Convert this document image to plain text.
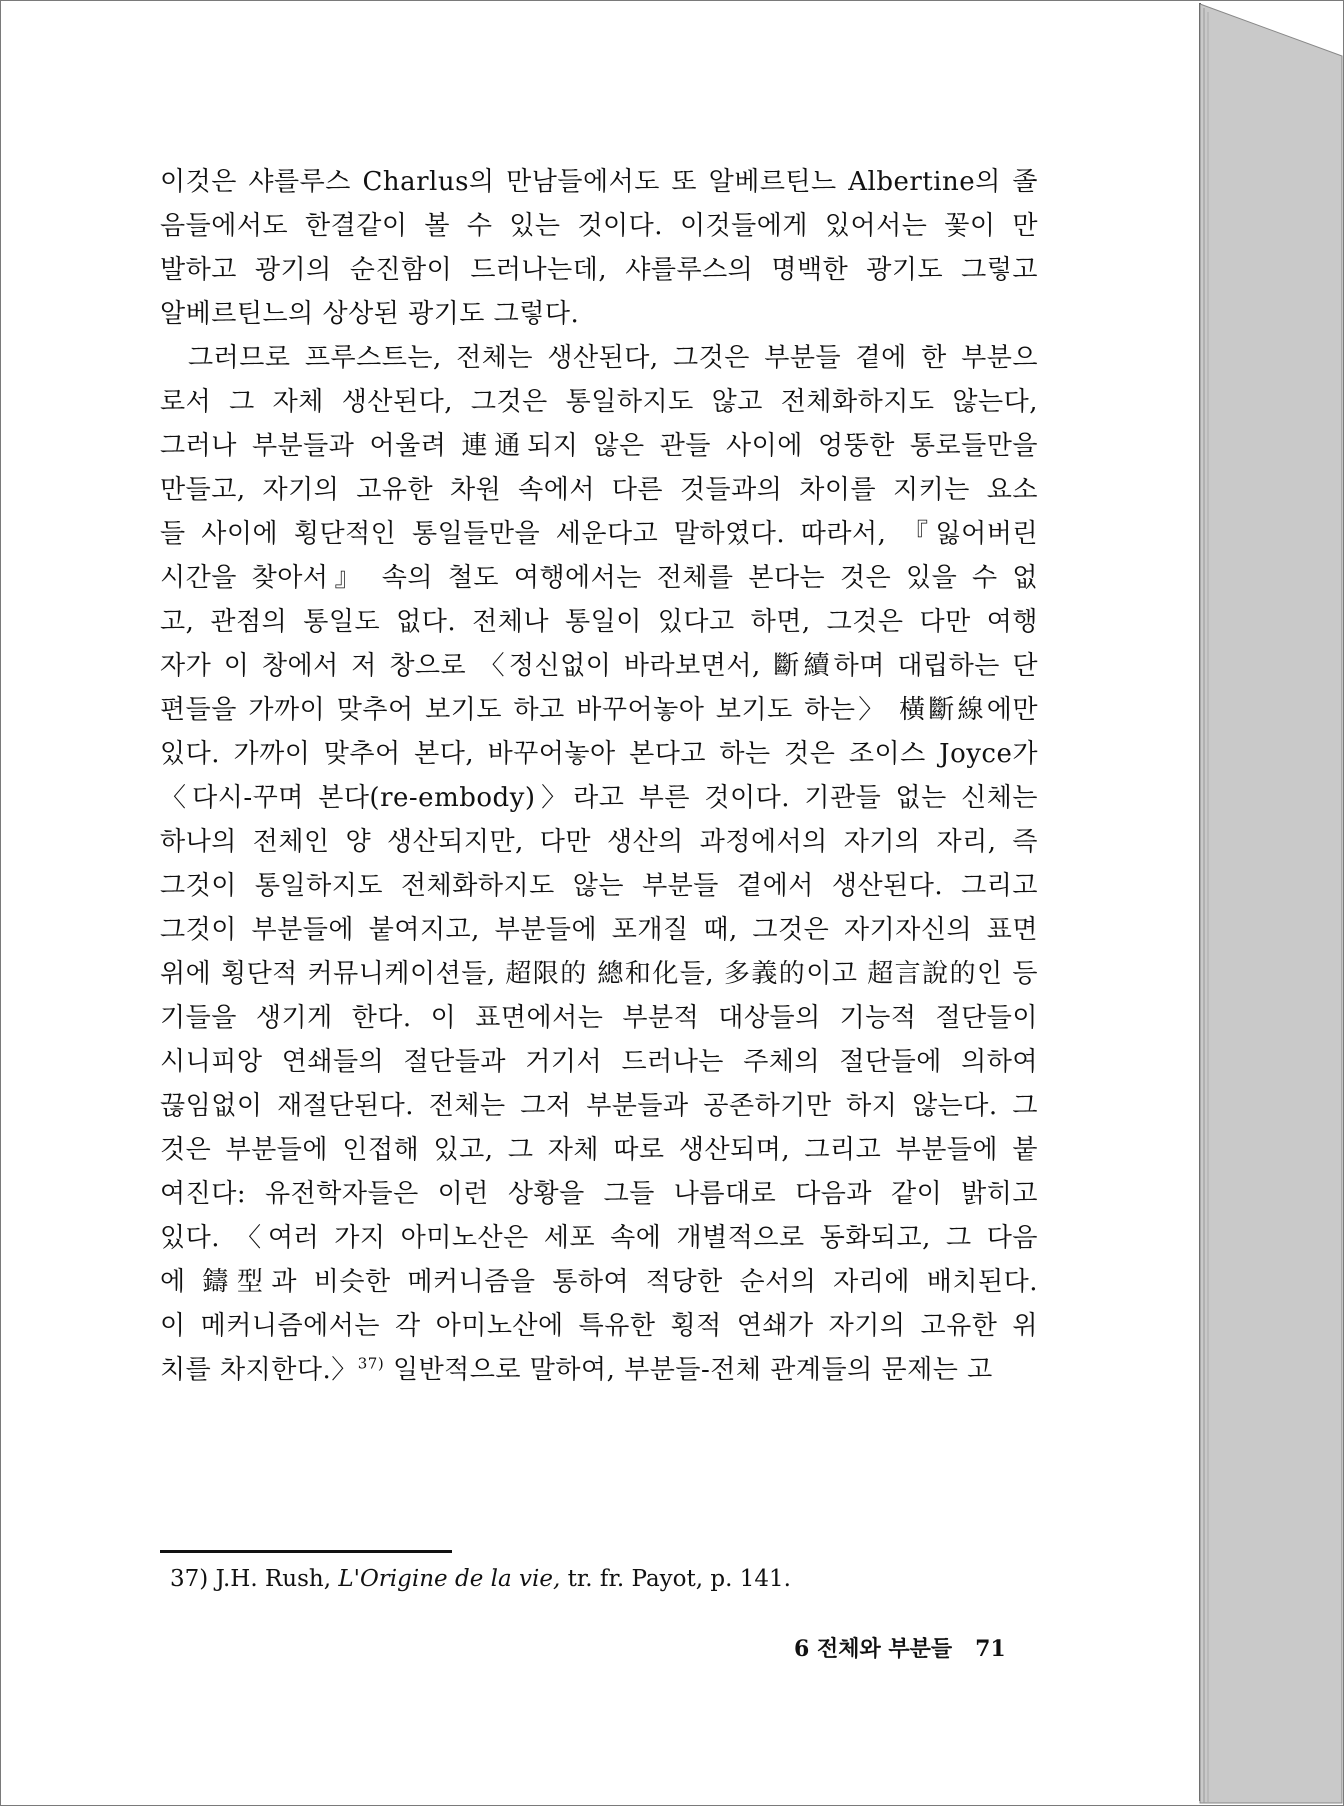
이것은 샤를루스 Charlus의 만남들에서도 또 알베르틴느 Albertine의 졸
음들에서도 한결같이 볼 수 있는 것이다. 이것들에게 있어서는 꽃이 만
발하고 광기의 순진함이 드러나는데, 샤를루스의 명백한 광기도 그렇고
알베르틴느의 상상된 광기도 그렇다.
그러므로 프루스트는, 전체는 생산된다, 그것은 부분들 곁에 한 부분으
로서 그 자체 생산된다, 그것은 통일하지도 않고 전체화하지도 않는다,
그러나 부분들과 어울려 連通되지 않은 관들 사이에 엉뚱한 통로들만을
만들고, 자기의 고유한 차원 속에서 다른 것들과의 차이를 지키는 요소
들 사이에 횡단적인 통일들만을 세운다고 말하였다. 따라서, 『잃어버린
시간을 찾아서』 속의 철도 여행에서는 전체를 본다는 것은 있을 수 없
고, 관점의 통일도 없다. 전체나 통일이 있다고 하면, 그것은 다만 여행
자가 이 창에서 저 창으로 〈정신없이 바라보면서, 斷續하며 대립하는 단
편들을 가까이 맞추어 보기도 하고 바꾸어놓아 보기도 하는〉 橫斷線에만
있다. 가까이 맞추어 본다, 바꾸어놓아 본다고 하는 것은 조이스 Joyce가
〈다시-꾸며 본다(re-embody)〉라고 부른 것이다. 기관들 없는 신체는
하나의 전체인 양 생산되지만, 다만 생산의 과정에서의 자기의 자리, 즉
그것이 통일하지도 전체화하지도 않는 부분들 곁에서 생산된다. 그리고
그것이 부분들에 붙여지고, 부분들에 포개질 때, 그것은 자기자신의 표면
위에 횡단적 커뮤니케이션들, 超限的 總和化들, 多義的이고 超言說的인 등
기들을 생기게 한다. 이 표면에서는 부분적 대상들의 기능적 절단들이
시니피앙 연쇄들의 절단들과 거기서 드러나는 주체의 절단들에 의하여
끊임없이 재절단된다. 전체는 그저 부분들과 공존하기만 하지 않는다. 그
것은 부분들에 인접해 있고, 그 자체 따로 생산되며, 그리고 부분들에 붙
여진다: 유전학자들은 이런 상황을 그들 나름대로 다음과 같이 밝히고
있다. 〈여러 가지 아미노산은 세포 속에 개별적으로 동화되고, 그 다음
에 鑄型과 비슷한 메커니즘을 통하여 적당한 순서의 자리에 배치된다.
이 메커니즘에서는 각 아미노산에 특유한 횡적 연쇄가 자기의 고유한 위
치를 차지한다.〉$^{37)}$ 일반적으로 말하여, 부분들-전체 관계들의 문제는 고
37) J.H. Rush, L'Origine de la vie, tr. fr. Payot, p. 141.
6 전체와 부분들 71
